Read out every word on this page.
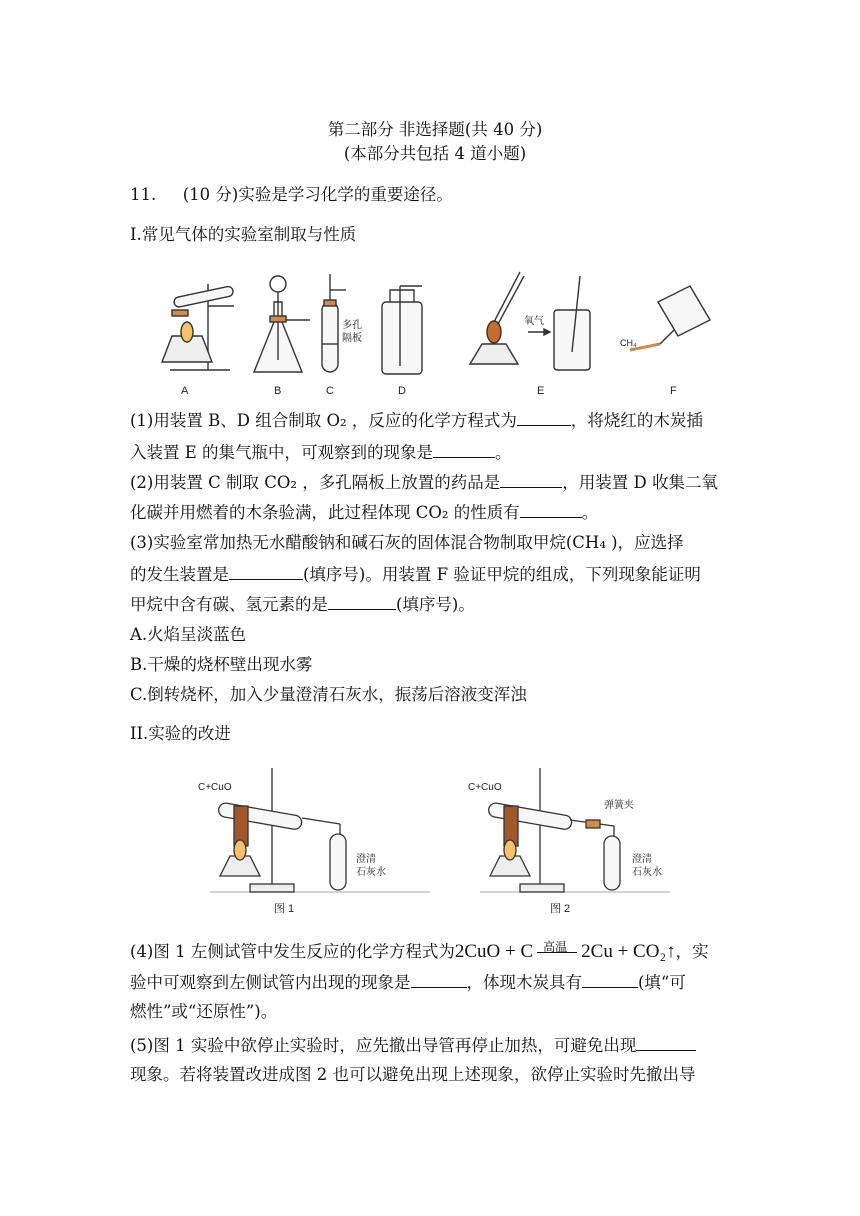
第二部分 非选择题(共 40 分)
(本部分共包括 4 道小题)
11. (10 分)实验是学习化学的重要途径。
I.常见气体的实验室制取与性质
A	B	C	D	E	F
多孔
隔板
氧气
CH₄
(1)用装置 B、D 组合制取 O₂ ，反应的化学方程式为	，将烧红的木炭插
入装置 E 的集气瓶中，可观察到的现象是	。
(2)用装置 C 制取 CO₂ ，多孔隔板上放置的药品是	，用装置 D 收集二氧
化碳并用燃着的木条验满，此过程体现 CO₂ 的性质有	。
(3)实验室常加热无水醋酸钠和碱石灰的固体混合物制取甲烷(CH₄ )，应选择
的发生装置是	(填序号)。用装置 F 验证甲烷的组成，下列现象能证明
甲烷中含有碳、氢元素的是	(填序号)。
A.火焰呈淡蓝色
B.干燥的烧杯壁出现水雾
C.倒转烧杯，加入少量澄清石灰水，振荡后溶液变浑浊
II.实验的改进
C+CuO
澄清
石灰水
图 1
C+CuO
弹簧夹
澄清
石灰水
图 2
(4)图 1 左侧试管中发生反应的化学方程式为2CuO + C 高温 2Cu + CO₂↑，实
验中可观察到左侧试管内出现的现象是	，体现木炭具有	(填“可
燃性”或“还原性”)。
(5)图 1 实验中欲停止实验时，应先撤出导管再停止加热，可避免出现
现象。若将装置改进成图 2 也可以避免出现上述现象，欲停止实验时先撤出导
